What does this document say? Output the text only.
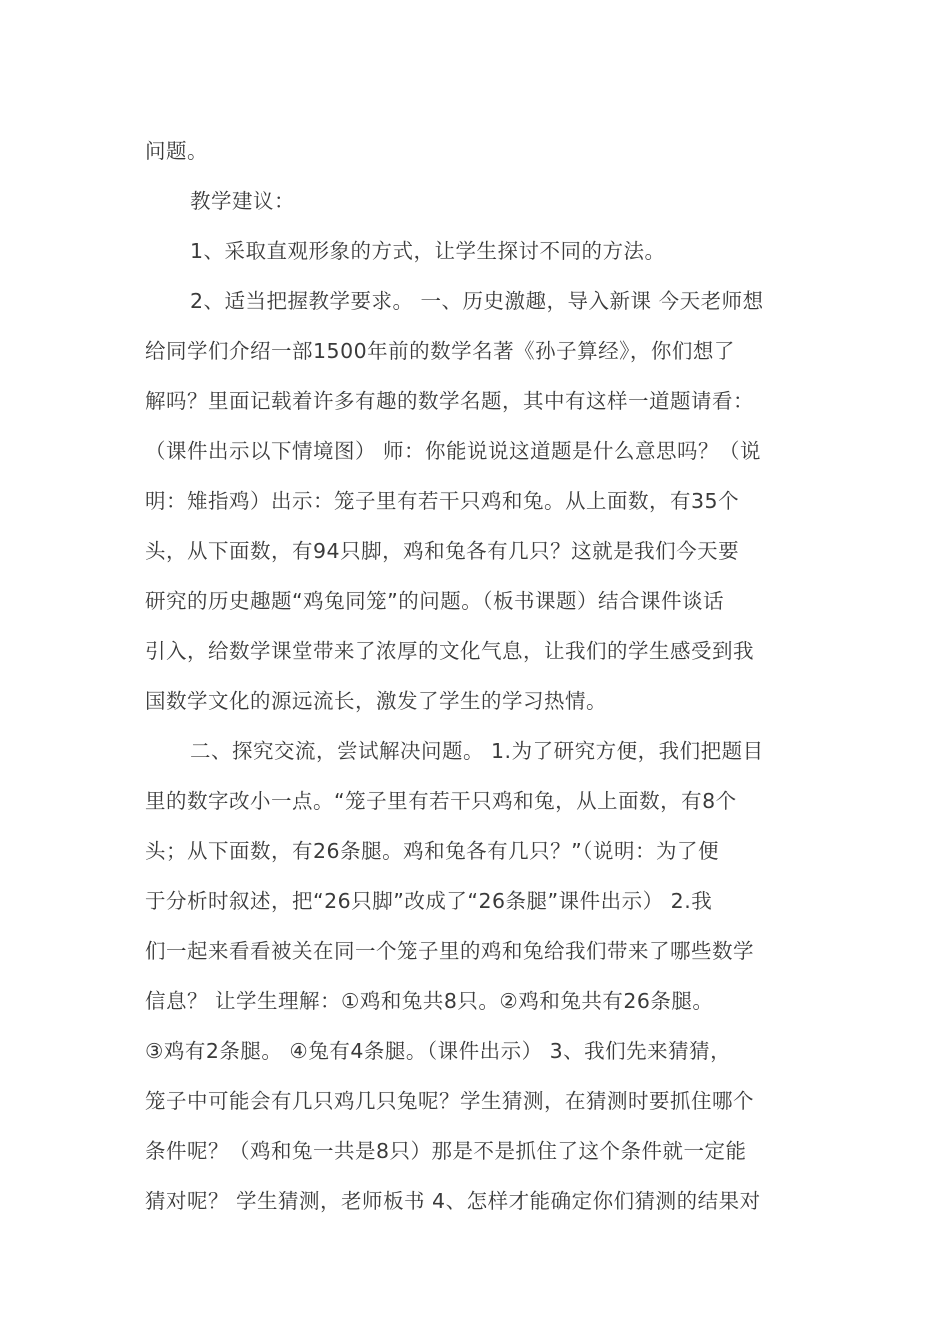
问题。
教学建议：
1、采取直观形象的方式，让学生探讨不同的方法。
2、适当把握教学要求。 一、历史激趣，导入新课 今天老师想
给同学们介绍一部1500年前的数学名著《孙子算经》，你们想了
解吗？里面记载着许多有趣的数学名题，其中有这样一道题请看：
（课件出示以下情境图） 师：你能说说这道题是什么意思吗？（说
明：雉指鸡）出示：笼子里有若干只鸡和兔。从上面数，有35个
头，从下面数，有94只脚，鸡和兔各有几只？这就是我们今天要
研究的历史趣题“鸡兔同笼”的问题。（板书课题）结合课件谈话
引入，给数学课堂带来了浓厚的文化气息，让我们的学生感受到我
国数学文化的源远流长，激发了学生的学习热情。
二、探究交流，尝试解决问题。 1.为了研究方便，我们把题目
里的数字改小一点。“笼子里有若干只鸡和兔，从上面数，有8个
头；从下面数，有26条腿。鸡和兔各有几只？”（说明：为了便
于分析时叙述，把“26只脚”改成了“26条腿”课件出示） 2.我
们一起来看看被关在同一个笼子里的鸡和兔给我们带来了哪些数学
信息？ 让学生理解：①鸡和兔共8只。②鸡和兔共有26条腿。
③鸡有2条腿。 ④兔有4条腿。（课件出示） 3、我们先来猜猜，
笼子中可能会有几只鸡几只兔呢？学生猜测，在猜测时要抓住哪个
条件呢？（鸡和兔一共是8只）那是不是抓住了这个条件就一定能
猜对呢？ 学生猜测，老师板书 4、怎样才能确定你们猜测的结果对
